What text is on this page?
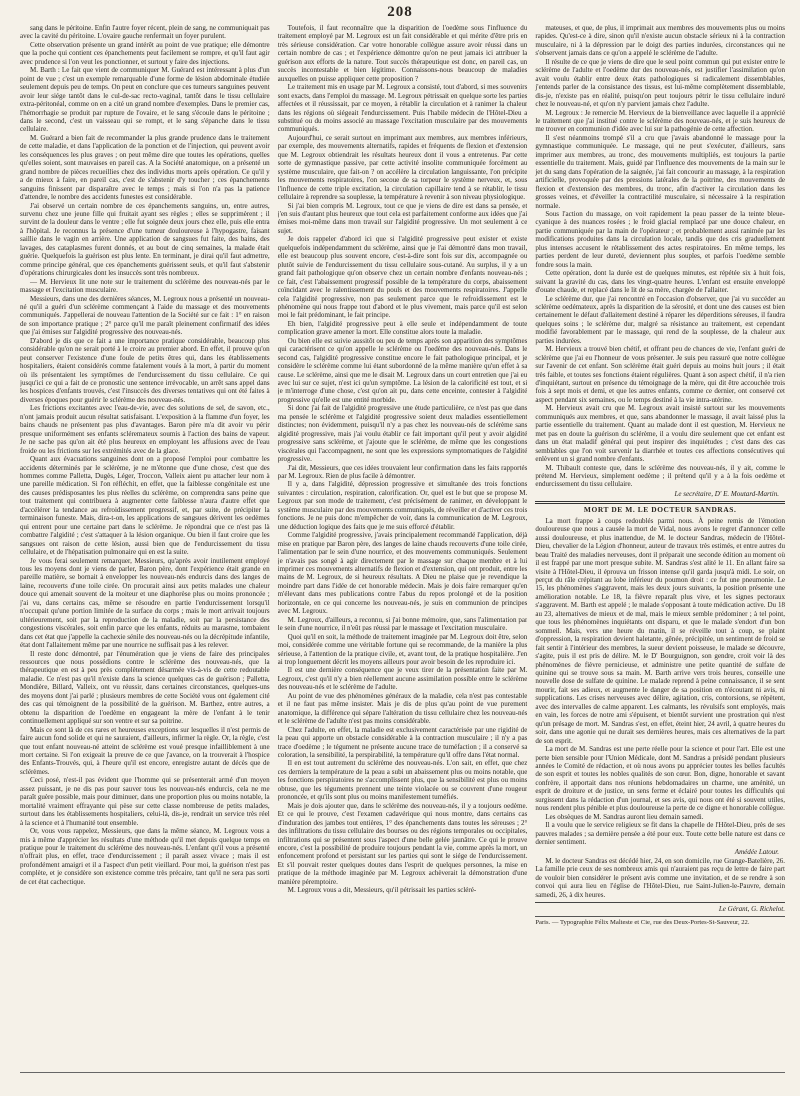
208

sang dans le péritoine. Enfin l'autre foyer récent, plein de sang, ne communiquait pas avec la cavité du péritoine. L'ovaire gauche renfermait un foyer purulent.

Cette observation présente un grand intérêt au point de vue pratique; elle démontre que la poche qui contient ces épanchements peut facilement se rompre, et qu'il faut agir avec prudence si l'on veut les ponctionner, et surtout y faire des injections.

M. Barth : Le fait que vient de communiquer M. Guérard est intéressant à plus d'un point de vue ; c'est un exemple remarquable d'une forme de lésion abdominale étudiée seulement depuis peu de temps. On peut en conclure que ces tumeurs sanguines peuvent avoir leur siége tantôt dans le cul-de-sac recto-vaginal, tantôt dans le tissu cellulaire extra-péritonéal, comme on en a cité un grand nombre d'exemples. Dans le premier cas, l'hémorrhagie se produit par rupture de l'ovaire, et le sang s'écoule dans le péritoine ; dans le second, c'est un vaisseau qui se rompt, et le sang s'épanche dans le tissu cellulaire.

M. Guérard a bien fait de recommander la plus grande prudence dans le traitement de cette maladie, et dans l'application de la ponction et de l'injection, qui peuvent avoir les conséquences les plus graves ; on peut même dire que toutes les opérations, quelles qu'elles soient, sont mauvaises en pareil cas. A la Société anatomique, on a présenté un grand nombre de pièces recueillies chez des individus morts après opération. Ce qu'il y a de mieux à faire, en pareil cas, c'est de s'abstenir d'y toucher ; ces épanchements sanguins finissent par disparaître avec le temps ; mais si l'on n'a pas la patience d'attendre, le nombre des accidents funestes est considérable.

J'ai observé un certain nombre de ces épanchements sanguins, un, entre autres, survenu chez une jeune fille qui fruitait ayant ses règles ; elles se supprimèrent ; il survint de la douleur dans le ventre ; elle fut soignée deux jours chez elle, puis elle entra à l'hôpital. Je reconnus la présence d'une tumeur douloureuse à l'hypogastre, faisant saillie dans le vagin en arrière. Une application de sangsues fut faite, des bains, des lavages, des cataplasmes furent donnés, et au bout de cinq semaines, la malade était guérie. Quelquefois la guérison est plus lente. En terminant, je dirai qu'il faut admettre, comme principe général, que ces épanchements guérissent seuls, et qu'il faut s'abstenir d'opérations chirurgicales dont les insuccès sont très nombreux.

— M. Hervieux lit une note sur le traitement du sclérème des nouveau-nés par le massage et l'excitation musculaire.

Messieurs, dans une des dernières séances, M. Legroux nous a présenté un nouveau-né qu'il a guéri d'un sclérème commençant à l'aide du massage et des mouvements communiqués. J'appellerai de nouveau l'attention de la Société sur ce fait : 1° en raison de son importance pratique ; 2° parce qu'il me paraît pleinement confirmatif des idées que j'ai émises sur l'algidité progressive des nouveau-nés.

D'abord je dis que ce fait a une importance pratique considérable, beaucoup plus considérable qu'on ne serait porté à le croire au premier abord. En effet, il prouve qu'on peut conserver l'existence d'une foule de petits êtres qui, dans les établissements hospitaliers, étaient considérés comme fatalement voués à la mort, à partir du moment où ils présentaient les symptômes de l'endurcissement du tissu cellulaire. Ce qui jusqu'ici ce qui a fait de ce pronostic une sentence irrévocable, un arrêt sans appel dans les hospices d'enfants trouvés, c'est l'insuccès des diverses tentatives qui ont été faites à diverses époques pour guérir le sclérème des nouveau-nés.

Les frictions excitantes avec l'eau-de-vie, avec des solutions de sel, de savon, etc., n'ont jamais produit aucun résultat satisfaisant. L'exposition à la flamme d'un foyer, les bains chauds ne présentent pas plus d'avantages. Baron père m'a dit avoir vu périr presque uniformément ses enfants scléremateux soumis à l'action des bains de vapeur. Je ne sache pas qu'on ait été plus heureux en employant les affusions avec de l'eau froide ou les frictions sur les extrémités avec de la glace.

Quant aux évacuations sanguines dont on a proposé l'emploi pour combattre les accidents déterminés par le sclérème, je ne m'étonne que d'une chose, c'est que des hommes comme Palletta, Dugès, Léger, Troccon, Valleix aient pu attacher leur nom à une pareille médication. Si l'on réfléchit, en effet, que la faiblesse congénitale est une des causes prédisposantes les plus réelles du sclérème, on comprendra sans peine que tout traitement qui contribuera à augmenter cette faiblesse n'aura d'autre effet que d'accélérer la tendance au refroidissement progressif, et, par suite, de précipiter la terminaison funeste. Mais, dira-t-on, les applications de sangsues dérivent les oedèmes qui entrent pour une certaine part dans le sclérème. Je répondrai que ce n'est pas là combattre l'algidité ; c'est s'attaquer à la lésion organique. Ou bien il faut croire que les sangsues ont raison de cette lésion, aussi bien que de l'endurcissement du tissu cellulaire, et de l'hépatisation pulmonaire qui en est la suite.

Je vous ferai seulement remarquer, Messieurs, qu'après avoir inutilement employé tous les moyens dont je viens de parler, Baron père, dont l'expérience était grande en pareille matière, se bornait à envelopper les nouveau-nés endurcis dans des langes de laine, recouverts d'une toile cirée. On procurait ainsi aux petits malades une chaleur douce qui amenait souvent de la moiteur et une diaphorèse plus ou moins prononcée ; j'ai vu, dans certains cas, même se résoudre en partie l'endurcissement lorsqu'il n'occupait qu'une portion limitée de la surface du corps ; mais le mort arrivait toujours ultérieurement, soit par la reproduction de la maladie, soit par la persistance des congestions viscérales, soit enfin parce que les enfants, réduits au marasme, tombaient dans cet état que j'appelle la cachexie sénile des nouveau-nés ou la décrépitude infantile, état dont l'allaitement même par une nourrice ne suffisait pas à les relever.

Il reste donc démontré, par l'énumération que je viens de faire des principales ressources que nous possédions contre le sclérème des nouveau-nés, que la thérapeutique en est à peu près complètement désarmée vis-à-vis de cette redoutable maladie. Ce n'est pas qu'il n'existe dans la science quelques cas de guérison ; Palletta, Mondière, Billard, Valleix, ont vu réussir, dans certaines circonstances, quelques-uns des moyens dont j'ai parlé ; plusieurs membres de cette Société vous ont également cité des cas qui témoignent de la possibilité de la guérison. M. Barthez, entre autres, a obtenu la disparition de l'oedème en engageant la mère de l'enfant à le tenir continuellement appliqué sur son ventre et sur sa poitrine.

Mais ce sont là de ces rares et heureuses exceptions sur lesquelles il n'est permis de faire aucun fond solide et qui ne sauraient, d'ailleurs, infirmer la règle. Or, la règle, c'est que tout enfant nouveau-né atteint de sclérème est voué presque infailliblement à une mort certaine. Si l'on exigeait la preuve de ce que j'avance, on la trouverait à l'hospice des Enfants-Trouvés, qui, à l'heure qu'il est encore, enregistre autant de décès que de sclérèmes.

Ceci posé, n'est-il pas évident que l'homme qui se présenterait armé d'un moyen assez puissant, je ne dis pas pour sauver tous les nouveau-nés endurcis, cela ne me paraît guère possible, mais pour diminuer, dans une proportion plus ou moins notable, la mortalité vraiment effrayante qui pèse sur cette classe nombreuse de petits malades, surtout dans les établissements hospitaliers, celui-là, dis-je, rendrait un service très réel à la science et à l'humanité tout ensemble.

Or, vous vous rappelez, Messieurs, que dans la même séance, M. Legroux vous a mis à même d'apprécier les résultats d'une méthode qu'il met depuis quelque temps en pratique pour le traitement du sclérème des nouveau-nés. L'enfant qu'il vous a présenté n'offrait plus, en effet, trace d'endurcissement ; il paraît assez vivace ; mais il est profondément amaigri et il a l'aspect d'un petit vieillard. Pour moi, la guérison n'est pas complète, et je considère son existence comme très précaire, tant qu'il ne sera pas sorti de cet état cachectique.

Toutefois, il faut reconnaître que la disparition de l'oedème sous l'influence du traitement employé par M. Legroux est un fait considérable et qui mérite d'être pris en très sérieuse considération. Car votre honorable collègue assure avoir réussi dans un certain nombre de cas ; et l'expérience démontre qu'on ne peut jamais ici attribuer la guérison aux efforts de la nature. Tout succès thérapeutique est donc, en pareil cas, un succès incontestable et bien légitime. Connaissons-nous beaucoup de maladies auxquelles on puisse appliquer cette proposition ?

Le traitement mis en usage par M. Legroux a consisté, tout d'abord, si mes souvenirs sont exacts, dans l'emploi du massage. M. Legroux pétrissait en quelque sorte les parties affectées et il réussissait, par ce moyen, à rétablir la circulation et à ranimer la chaleur dans les régions où siégeait l'endurcissement. Puis l'habile médecin de l'Hôtel-Dieu a substitué ou du moins associé au massage l'excitation musculaire par des mouvements communiqués.

Aujourd'hui, ce serait surtout en imprimant aux membres, aux membres inférieurs, par exemple, des mouvements alternatifs, rapides et fréquents de flexion et d'extension que M. Legroux obtiendrait les résultats heureux dont il vous a entretenus. Par cette sorte de gymnastique passive, par cette activité insolite communiquée forcément au système musculaire, que fait-on ? on accélère la circulation languissante, l'on précipite les mouvements respiratoires, l'on secoue de sa torpeur le système nerveux, et, sous l'influence de cette triple excitation, la circulation capillaire tend à se rétablir, le tissu cellulaire à reprendre sa souplesse, la température à revenir à son niveau physiologique.

Si j'ai bien compris M. Legroux, tout ce que je viens de dire est dans sa pensée, et j'en suis d'autant plus heureux que tout cela est parfaitement conforme aux idées que j'ai émises moi-même dans mon travail sur l'algidité progressive. Un mot seulement à ce sujet.

Je dois rappeler d'abord ici que si l'algidité progressive peut exister et existe quelquefois indépendamment du sclérème, ainsi que je l'ai démontré dans mon travail, elle est beaucoup plus souvent encore, c'est-à-dire sont fois sur dix, accompagnée ou plutôt suivie de l'endurcissement du tissu cellulaire sous-cutané. Au surplus, il y a un grand fait pathologique qu'on observe chez un certain nombre d'enfants nouveau-nés ; ce fait, c'est l'abaissement progressif possible de la température du corps, abaissement coïncidant avec le ralentissement du pouls et des mouvements respiratoires. J'appelle cela l'algidité progressive, non pas seulement parce que le refroidissement est le phénomène qui nous frappe tout d'abord et le plus vivement, mais parce qu'il est selon moi le fait prédominant, le fait principe.

Eh bien, l'algidité progressive peut à elle seule et indépendamment de toute complication grave amener la mort. Elle constitue alors toute la maladie.

Ou bien elle est suivie aussitôt ou peu de temps après son apparition des symptômes qui caractérisent ce qu'on appelle le sclérème ou l'oedème des nouveau-nés. Dans le second cas, l'algidité progressive constitue encore le fait pathologique principal, et je considère le sclérème comme lui étant subordonné de la même manière qu'un effet à sa cause. Le sclérème, ainsi que me le disait M. Legroux dans un court entretien que j'ai eu avec lui sur ce sujet, n'est ici qu'un symptôme. La lésion de la calorificité est tout, et si je m'interroge d'une chose, c'est qu'on ait pu, dans cette enceinte, contester à l'algidité progressive qu'elle est une entité morbide.

Si donc j'ai fait de l'algidité progressive une étude particulière, ce n'est pas que dans ma pensée le sclérème et l'algidité progressive soient deux maladies essentiellement distinctes; non évidemment, puisqu'il n'y a pas chez les nouveau-nés de sclérème sans algidité progressive, mais j'ai voulu établir ce fait important qu'il peut y avoir algidité progressive sans sclérème, et j'ajoute que le sclérème, de même que les congestions viscérales qui l'accompagnent, ne sont que les expressions symptomatiques de l'algidité progressive.

J'ai dit, Messieurs, que ces idées trouvaient leur confirmation dans les faits rapportés par M. Legroux. Rien de plus facile à démontrer.

Il y a, dans l'algidité, dépression progressive et simultanée des trois fonctions suivantes : circulation, respiration, calorification. Or, quel est le but que se propose M. Legroux par son mode de traitement, c'est précisément de ranimer, en développant le système musculaire par des mouvements communiqués, de réveiller et d'activer ces trois fonctions. Je ne puis donc m'empêcher de voir, dans la communication de M. Legroux, une déduction logique des faits que je me suis efforcé d'établir.

Comme l'algidité progressive, j'avais principalement recommandé l'application, déjà mise en pratique par Baron père, des langes de laine chauds recouverts d'une toile cirée, l'alimentation par le sein d'une nourrice, et des mouvements communiqués. Seulement je n'avais pas songé à agir directement par le massage sur chaque membre et à lui imprimer ces mouvements alternatifs de flexion et d'extension, qui ont produit, entre les mains de M. Legroux, de si heureux résultats. A Dieu ne plaise que je revendique la moindre part dans l'idée de cet honorable médecin. Mais je dois faire remarquer qu'en m'élevant dans mes publications contre l'abus du repos prolongé et de la position horizontale, en ce qui concerne les nouveau-nés, je suis en communion de principes avec M. Legroux.

M. Legroux, d'ailleurs, a reconnu, si j'ai bonne mémoire, que, sans l'alimentation par le sein d'une nourrice, il n'eût pas réussi par le massage et l'excitation musculaire.

Quoi qu'il en soit, la méthode de traitement imaginée par M. Legroux doit être, selon moi, considérée comme une véritable fortune qui se recommande, de la manière la plus sérieuse, à l'attention de la pratique civile, et, avant tout, de la pratique hospitalière. J'en ai trop longuement décrit les moyens ailleurs pour avoir besoin de les reproduire ici.

Il est une dernière conséquence que je veux tirer de la présentation faite par M. Legroux, c'est qu'il n'y a bien réellement aucune assimilation possible entre le sclérème des nouveau-nés et le sclérème de l'adulte.

Au point de vue des phénomènes généraux de la maladie, cela n'est pas contestable et il ne faut pas même insister. Mais je dis de plus qu'au point de vue purement anatomique, la différence qui sépare l'altération du tissu cellulaire chez les nouveau-nés et le sclérème de l'adulte n'est pas moins considérable.

Chez l'adulte, en effet, la maladie est exclusivement caractérisée par une rigidité de la peau qui apporte un obstacle considérable à la contraction musculaire ; il n'y a pas trace d'oedème ; le tégument ne présente aucune trace de tuméfaction ; il a conservé sa coloration, la sensibilité, la perspirabilité, la température qu'il offre dans l'état normal.

Il en est tout autrement du sclérème des nouveau-nés. L'on sait, en effet, que chez ces derniers la température de la peau a subi un abaissement plus ou moins notable, que les fonctions perspiratoires ne s'accomplissent plus, que la sensibilité est plus ou moins obtuse, que les téguments prennent une teinte violacée ou se couvrent d'une rougeur prononcée, et qu'ils sont plus ou moins manifestement tuméfiés.

Mais je dois ajouter que, dans le sclérème des nouveau-nés, il y a toujours oedème. Et ce qui le prouve, c'est l'examen cadavérique qui nous montre, dans certains cas d'induration des jambes tout entières, 1° des épanchements dans toutes les séreuses ; 2° des infiltrations du tissu cellulaire des bourses ou des régions temporales ou occipitales, infiltrations qui se présentent sous l'aspect d'une belle gelée jaunâtre. Ce qui le prouve encore, c'est la possibilité de produire toujours pendant la vie, comme après la mort, un enfoncement profond et persistant sur les parties qui sont le siége de l'endurcissement. Et s'il pouvait rester quelques doutes dans l'esprit de quelques personnes, la mise en pratique de la méthode imaginée par M. Legroux achèverait la démonstration d'une manière péremptoire.

M. Legroux vous a dit, Messieurs, qu'il pétrissait les parties scléré-

mateuses, et que, de plus, il imprimait aux membres des mouvements plus ou moins rapides. Qu'est-ce à dire, sinon qu'il n'existe aucun obstacle sérieux ni à la contraction musculaire, ni à la dépression par le doigt des parties indurées, circonstances qui ne s'observent jamais dans ce qu'on a appelé le sclérème de l'adulte.

Il résulte de ce que je viens de dire que le seul point commun qui put exister entre le sclérème de l'adulte et l'oedème dur des nouveau-nés, est justifier l'assimilation qu'on avait voulu établir entre deux états pathologiques si radicalement dissemblables, j'entends parler de la consistance des tissus, est lui-même complètement dissemblable, dis-je, n'existe pas en réalité, puisqu'on peut toujours pétrir le tissu cellulaire induré chez le nouveau-né, et qu'on n'y parvient jamais chez l'adulte.

M. Legroux : Je remercie M. Hervieux de la bienveillance avec laquelle il a apprécié le traitement que j'ai institué contre le sclérème des nouveau-nés, et je suis heureux de me trouver en communion d'idée avec lui sur la pathogénie de cette affection.

Il s'est néanmoins trompé s'il a cru que j'avais abandonné le massage pour la gymnastique communiquée. Le massage, qui ne peut s'exécuter, d'ailleurs, sans imprimer aux membres, au tronc, des mouvements multipliés, est toujours la partie essentielle du traitement. Mais, guidé par l'influence des mouvements de la main sur le jet du sang dans l'opération de la saignée, j'ai fait concourir au massage, à la respiration artificielle, provoquée par des pressions latérales de la poitrine, des mouvements de flexion et d'extension des membres, du tronc, afin d'activer la circulation dans les grosses veines, et d'éveiller la contractilité musculaire, si nécessaire à la respiration normale.

Sous l'action du massage, on voit rapidement la peau passer de la teinte bleue-cyanique à des nuances rosées ; le froid glacial remplacé par une douce chaleur, en partie communiquée par la main de l'opérateur ; et probablement aussi ranimée par les modifications produites dans la circulation locale, tandis que des cris graduellement plus intenses accusent le rétablissement des actes respiratoires. En même temps, les parties perdent de leur dureté, deviennent plus souples, et parfois l'oedème semble fondre sous la main.

Cette opération, dont la durée est de quelques minutes, est répétée six à huit fois, suivant la gravité du cas, dans les vingt-quatre heures. L'enfant est ensuite enveloppé d'ouate chaude, et replacé dans le lit de sa mère, chargée de l'allaiter.

Le sclérème dur, que j'ai rencontré en l'occasion d'observer, que j'ai vu succéder au sclérème oedémateux, après la disparition de la sérosité, et dont une des causes est bien certainement le défaut d'allaitement destiné à réparer les déperditions séreuses, il faudra quelques soins ; le sclérème dur, malgré sa résistance au traitement, est cependant modifié favorablement par le massage, qui rend de la souplesse, de la chaleur aux parties indurées.

M. Hervieux a trouvé bien chétif, et offrant peu de chances de vie, l'enfant guéri de sclérème que j'ai eu l'honneur de vous présenter. Je suis peu rassuré que notre collègue sur l'avenir de cet enfant. Son sclérème était guéri depuis au moins huit jours ; il était très faible, et toutes ses fonctions étaient régulières. Quant à son aspect chétif, il n'a rien d'inquiétant, surtout en présence du témoignage de la mère, qui dit être accouchée trois fois à sept mois et demi, et que les autres enfants, comme ce dernier, ont conservé cet aspect pendant six semaines, ou le temps destiné à la vie intra-utérine.

M. Hervieux avait cru que M. Legroux avait insisté surtout sur les mouvements communiqués aux membres, et que, sans abandonner le massage, il avait laissé plus la partie essentielle du traitement. Quant au malade dont il est question, M. Hervieux ne met pas en doute la guérison du sclérème, il a voulu dire seulement que cet enfant est dans un état maladif général qui peut inspirer des inquiétudes ; c'est dans des cas semblables que l'on voit survenir la diarrhée et toutes ces affections consécutives qui enlèvent un si grand nombre d'enfants.

M. Thibault conteste que, dans le sclérème des nouveau-nés, il y ait, comme le prétend M. Hervieux, simplement oedème ; il prétend qu'il y a à la fois oedème et endurcissement du tissu cellulaire.

Le secrétaire, D' E. Moutard-Martin.

MORT DE M. LE DOCTEUR SANDRAS.

La mort frappe à coups redoublés parmi nous. À peine remis de l'émotion douloureuse que nous a causée la mort de Vidal, nous avons le regret d'annoncer celle aussi douloureuse, et plus inattendue, de M. le docteur Sandras, médecin de l'Hôtel-Dieu, chevalier de la Légion d'honneur, auteur de travaux très estimés, et entre autres du beau Traité des maladies nerveuses, dont il préparait une seconde édition au moment où il est frappé par une mort presque subite. M. Sandras s'est alité le 11. En allant faire sa visite à l'Hôtel-Dieu, il éprouva un frisson intense qu'il garda jusqu'à midi. Le soir, on perçut du râle crépitant au lobe inférieur du poumon droit : ce fut une pneumonie. Le 15, les phénomènes s'aggravent, mais les deux jours suivants, la position présente une amélioration notable. Le 18, la fièvre reparaît plus vive, et les signes pectoraux s'aggravent. M. Barth est appelé ; le malade s'opposant à toute médication active. Du 18 au 23, alternatives de mieux et de mal, mais le mieux semble prédominer ; à tel point, que tous les phénomènes inquiétants ont disparu, et que le malade s'endort d'un bon sommeil. Mais, vers une heure du matin, il se réveille tout à coup, se plaint d'oppression, la respiration devient haletante, gênée, précipitée, un sentiment de froid se fait sentir à l'intérieur des membres, la sueur devient poisseuse, le malade se découvre, s'agite, puis il est pris de délire. M. le D' Bourguignon, son gendre, croit voir là des phénomènes de fièvre pernicieuse, et administre une petite quantité de sulfate de quinine qui se trouve sous sa main. M. Barth arrive vers trois heures, conseille une nouvelle dose de sulfate de quinine. Le malade reprend à peine connaissance, il se sent mourir, fait ses adieux, et augmente le danger de sa position en n'écoutant ni avis, ni supplications. Les crises nerveuses avec délire, agitation, cris, contorsions, se répètent, avec des intervalles de calme apparent. Les calmants, les révulsifs sont employés, mais en vain, les forces de notre ami s'épuisent, et bientôt survient une prostration qui n'est qu'un présage de mort. M. Sandras s'est, en effet, éteint hier, 24 avril, à quatre heures du soir, dans une agonie qui ne durait ses dernières heures, mais ces alternatives de la part de son esprit.

La mort de M. Sandras est une perte réelle pour la science et pour l'art. Elle est une perte bien sensible pour l'Union Médicale, dont M. Sandras a présidé pendant plusieurs années le Comité de rédaction, et où nous avons pu apprécier toutes les belles facultés de son esprit et toutes les nobles qualités de son cœur. Bon, digne, honorable et savant confrère, il apportait dans nos réunions hebdomadaires un charme, une aménité, un esprit de droiture et de justice, un sens ferme et éclairé pour toutes les difficultés qui surgissent dans la rédaction d'un journal, et ses avis, qui nous ont été si souvent utiles, nous rendent plus pénible et plus douloureuse la perte de ce digne et honorable collègue.

Les obsèques de M. Sandras auront lieu demain samedi.

Il a voulu que le service religieux se fit dans la chapelle de l'Hôtel-Dieu, près de ses pauvres malades ; sa dernière pensée a été pour eux. Toute cette belle nature est dans ce dernier sentiment.

Amédée Latour.

M. le docteur Sandras est décédé hier, 24, en son domicile, rue Grange-Batelière, 26. La famille prie ceux de ses nombreux amis qui n'auraient pas reçu de lettre de faire part de vouloir bien considérer le présent avis comme une invitation, et de se rendre à son convoi qui aura lieu en l'église de l'Hôtel-Dieu, rue Saint-Julien-le-Pauvre, demain samedi, 26, à dix heures.

Le Gérant, G. Richelot.

Paris. — Typographie Félix Malteste et Cie, rue des Deux-Portes-St-Sauveur, 22.
